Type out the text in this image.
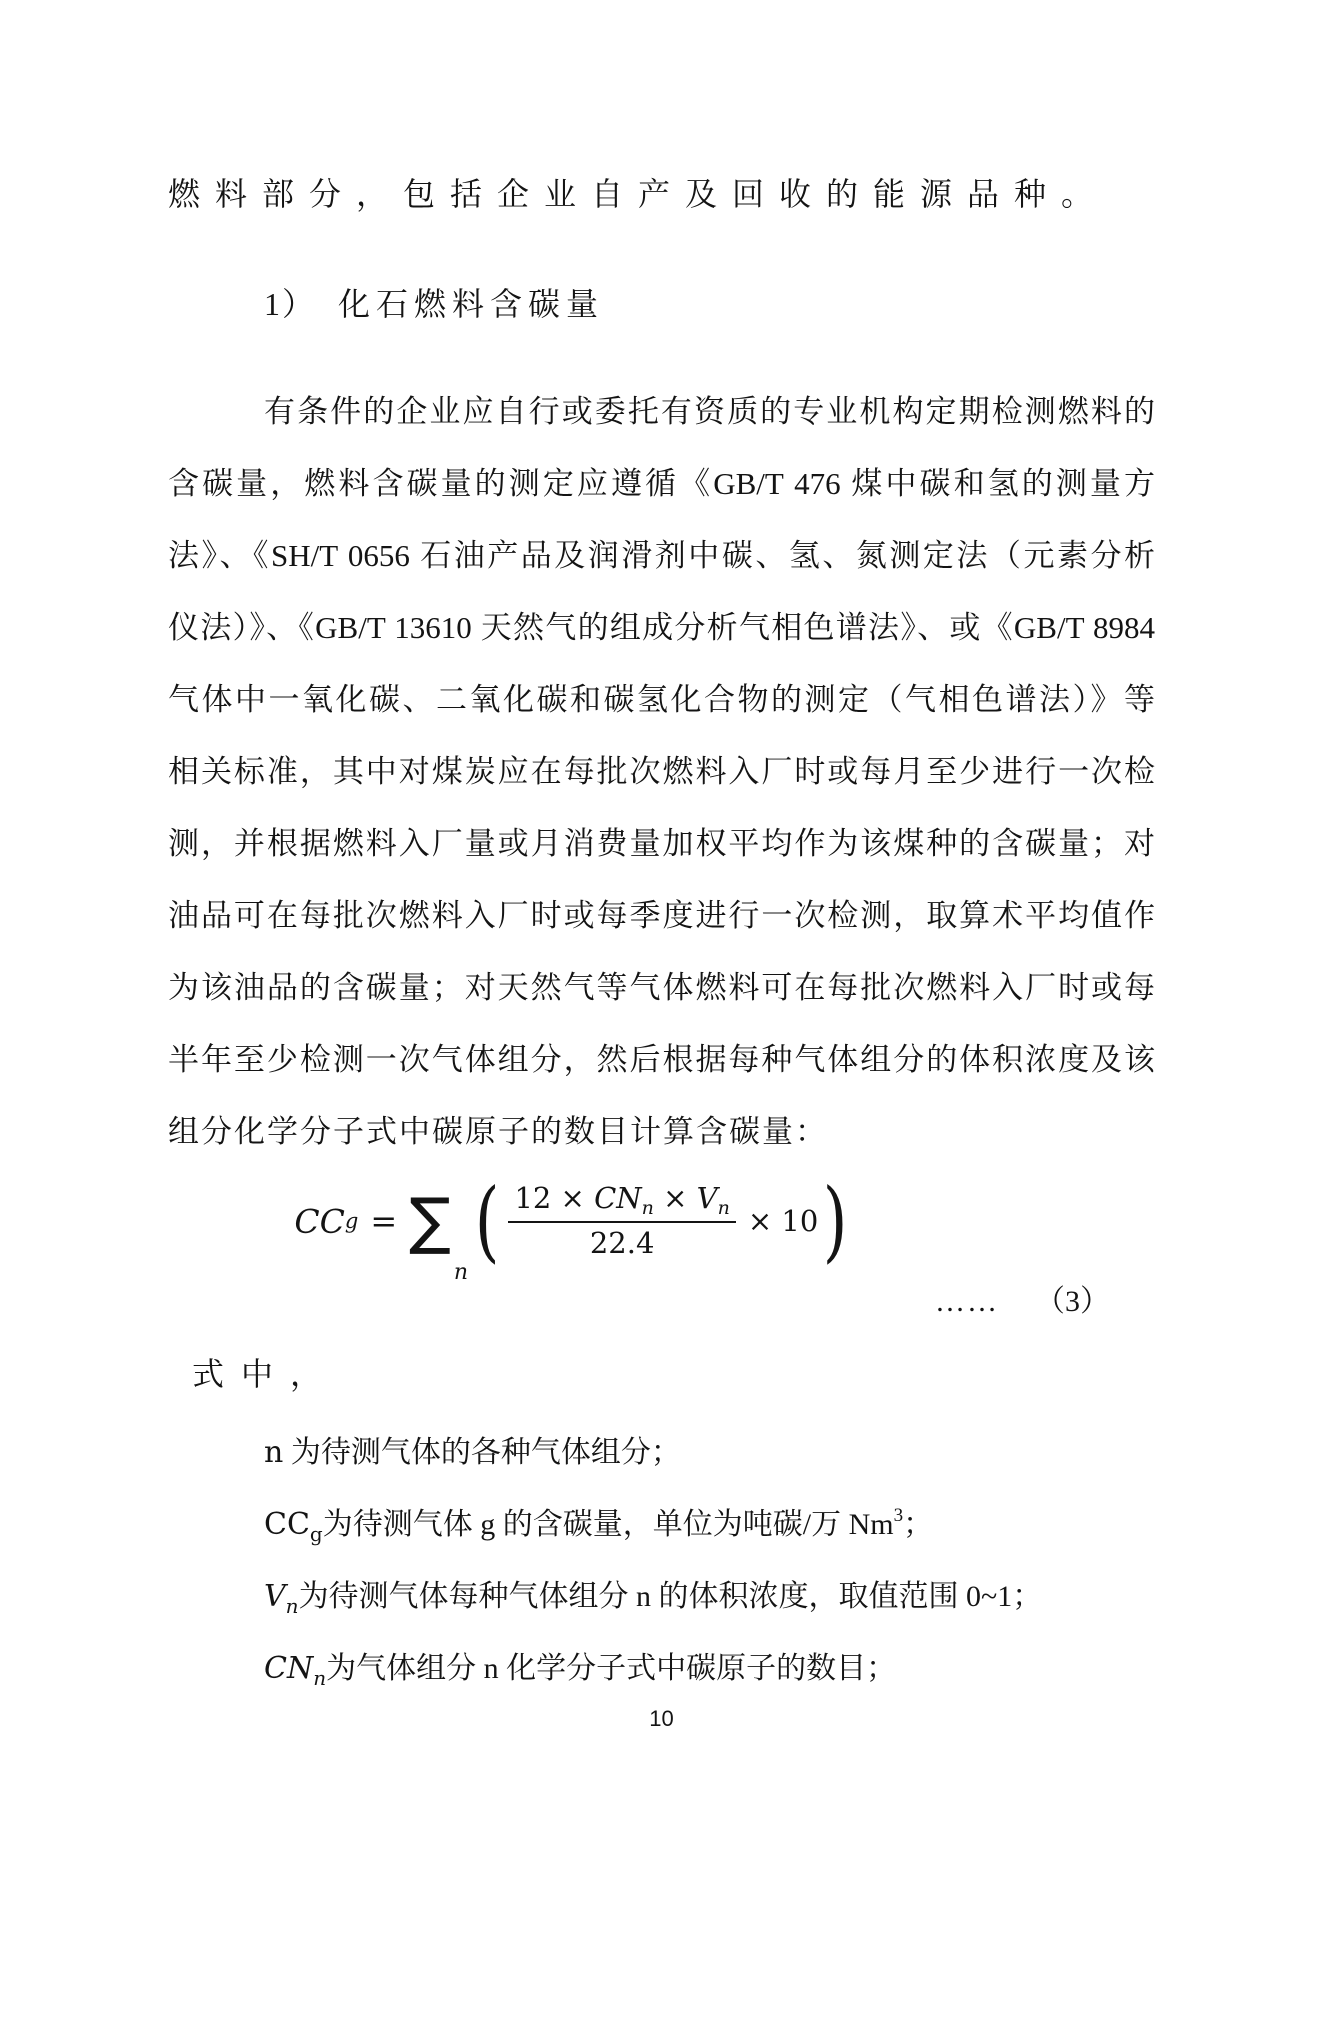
燃料部分，包括企业自产及回收的能源品种。
1） 化石燃料含碳量
有条件的企业应自行或委托有资质的专业机构定期检测燃料的
含碳量，燃料含碳量的测定应遵循《GB/T 476 煤中碳和氢的测量方
法》、《SH/T 0656 石油产品及润滑剂中碳、氢、氮测定法（元素分析
仪法）》、《GB/T 13610 天然气的组成分析气相色谱法》、或《GB/T 8984
气体中一氧化碳、二氧化碳和碳氢化合物的测定（气相色谱法）》等
相关标准，其中对煤炭应在每批次燃料入厂时或每月至少进行一次检
测，并根据燃料入厂量或月消费量加权平均作为该煤种的含碳量；对
油品可在每批次燃料入厂时或每季度进行一次检测，取算术平均值作
为该油品的含碳量；对天然气等气体燃料可在每批次燃料入厂时或每
半年至少检测一次气体组分，然后根据每种气体组分的体积浓度及该
组分化学分子式中碳原子的数目计算含碳量：
CC g = ∑
n
( $\frac{12 \times CN_n \times V_n}{22.4} \times 10$ )
…… （3）
式中，
n 为待测气体的各种气体组分；
$CC_g$为待测气体 g 的含碳量，单位为吨碳/万 Nm$^3$；
$V_n$为待测气体每种气体组分 n 的体积浓度，取值范围 0~1；
$CN_n$为气体组分 n 化学分子式中碳原子的数目；
10
